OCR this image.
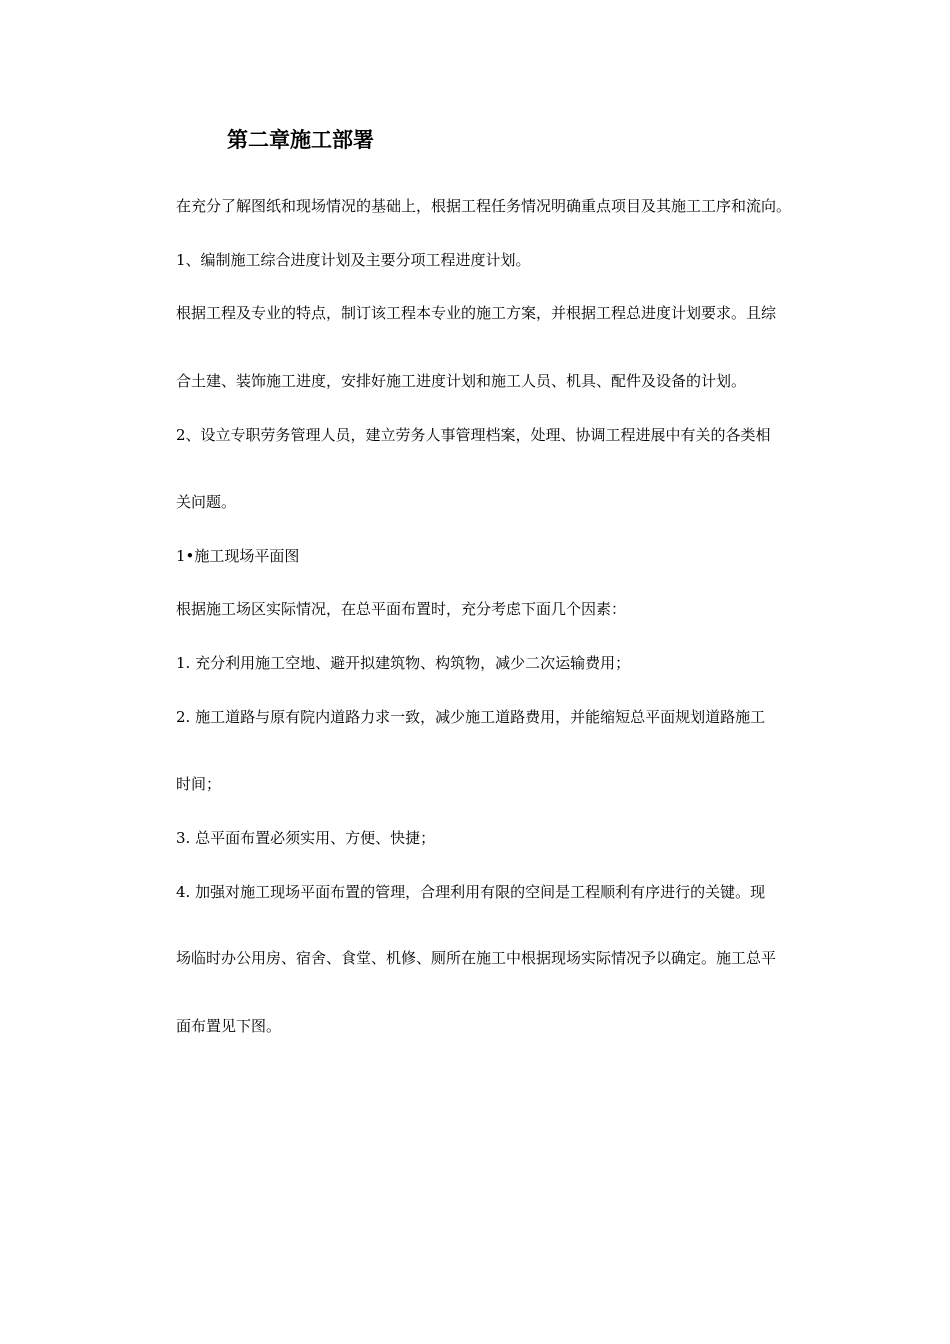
第二章施工部署
在充分了解图纸和现场情况的基础上，根据工程任务情况明确重点项目及其施工工序和流向。
1、编制施工综合进度计划及主要分项工程进度计划。
根据工程及专业的特点，制订该工程本专业的施工方案，并根据工程总进度计划要求。且综
合土建、装饰施工进度，安排好施工进度计划和施工人员、机具、配件及设备的计划。
2、设立专职劳务管理人员，建立劳务人事管理档案，处理、协调工程进展中有关的各类相
关问题。
1•施工现场平面图
根据施工场区实际情况，在总平面布置时，充分考虑下面几个因素：
1. 充分利用施工空地、避开拟建筑物、构筑物，减少二次运输费用；
2. 施工道路与原有院内道路力求一致，减少施工道路费用，并能缩短总平面规划道路施工
时间；
3. 总平面布置必须实用、方便、快捷；
4. 加强对施工现场平面布置的管理，合理利用有限的空间是工程顺利有序进行的关键。现
场临时办公用房、宿舍、食堂、机修、厕所在施工中根据现场实际情况予以确定。施工总平
面布置见下图。
